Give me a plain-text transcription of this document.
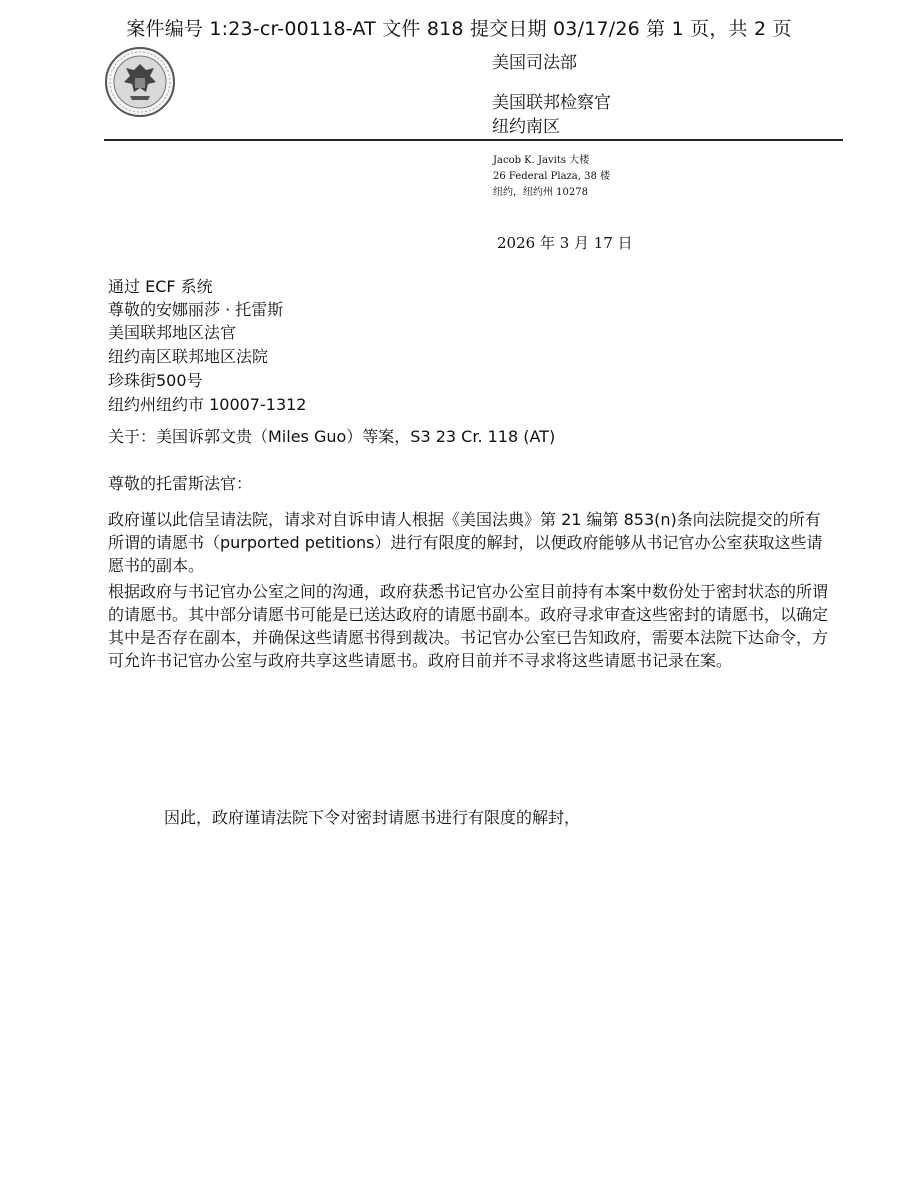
案件编号 1:23-cr-00118-AT 文件 818 提交日期 03/17/26 第 1 页，共 2 页
美国司法部
美国联邦检察官
纽约南区
Jacob K. Javits 大楼
26 Federal Plaza, 38 楼
纽约，纽约州 10278
2026 年 3 月 17 日
通过 ECF 系统
尊敬的安娜丽莎 · 托雷斯
美国联邦地区法官
纽约南区联邦地区法院
珍珠街500号
纽约州纽约市 10007-1312
关于：美国诉郭文贵（Miles Guo）等案，S3 23 Cr. 118 (AT)
尊敬的托雷斯法官：

政府谨以此信呈请法院，请求对自诉申请人根据《美国法典》第 21 编第 853(n)条向法院提交的所有所谓的请愿书（purported petitions）进行有限度的解封，以便政府能够从书记官办公室获取这些请愿书的副本。

根据政府与书记官办公室之间的沟通，政府获悉书记官办公室目前持有本案中数份处于密封状态的所谓的请愿书。其中部分请愿书可能是已送达政府的请愿书副本。政府寻求审查这些密封的请愿书，以确定其中是否存在副本，并确保这些请愿书得到裁决。书记官办公室已告知政府，需要本法院下达命令，方可允许书记官办公室与政府共享这些请愿书。政府目前并不寻求将这些请愿书记录在案。

因此，政府谨请法院下令对密封请愿书进行有限度的解封，
